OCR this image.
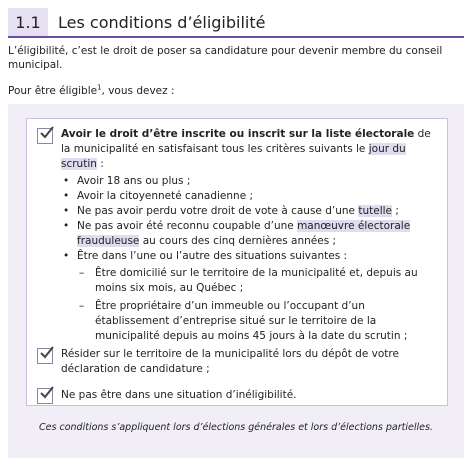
1.1	Les conditions d’éligibilité
L’éligibilité, c’est le droit de poser sa candidature pour devenir membre du conseil municipal.
Pour être éligible$^1$, vous devez :
Avoir le droit d’être inscrite ou inscrit sur la liste électorale de la municipalité en satisfaisant tous les critères suivants le jour du scrutin :
• Avoir 18 ans ou plus ;
• Avoir la citoyenneté canadienne ;
• Ne pas avoir perdu votre droit de vote à cause d’une tutelle ;
• Ne pas avoir été reconnu coupable d’une manœuvre électorale frauduleuse au cours des cinq dernières années ;
• Être dans l’une ou l’autre des situations suivantes :
– Être domicilié sur le territoire de la municipalité et, depuis au moins six mois, au Québec ;
– Être propriétaire d’un immeuble ou l’occupant d’un établissement d’entreprise situé sur le territoire de la municipalité depuis au moins 45 jours à la date du scrutin ;
Résider sur le territoire de la municipalité lors du dépôt de votre déclaration de candidature ;
Ne pas être dans une situation d’inéligibilité.
Ces conditions s’appliquent lors d’élections générales et lors d’élections partielles.
